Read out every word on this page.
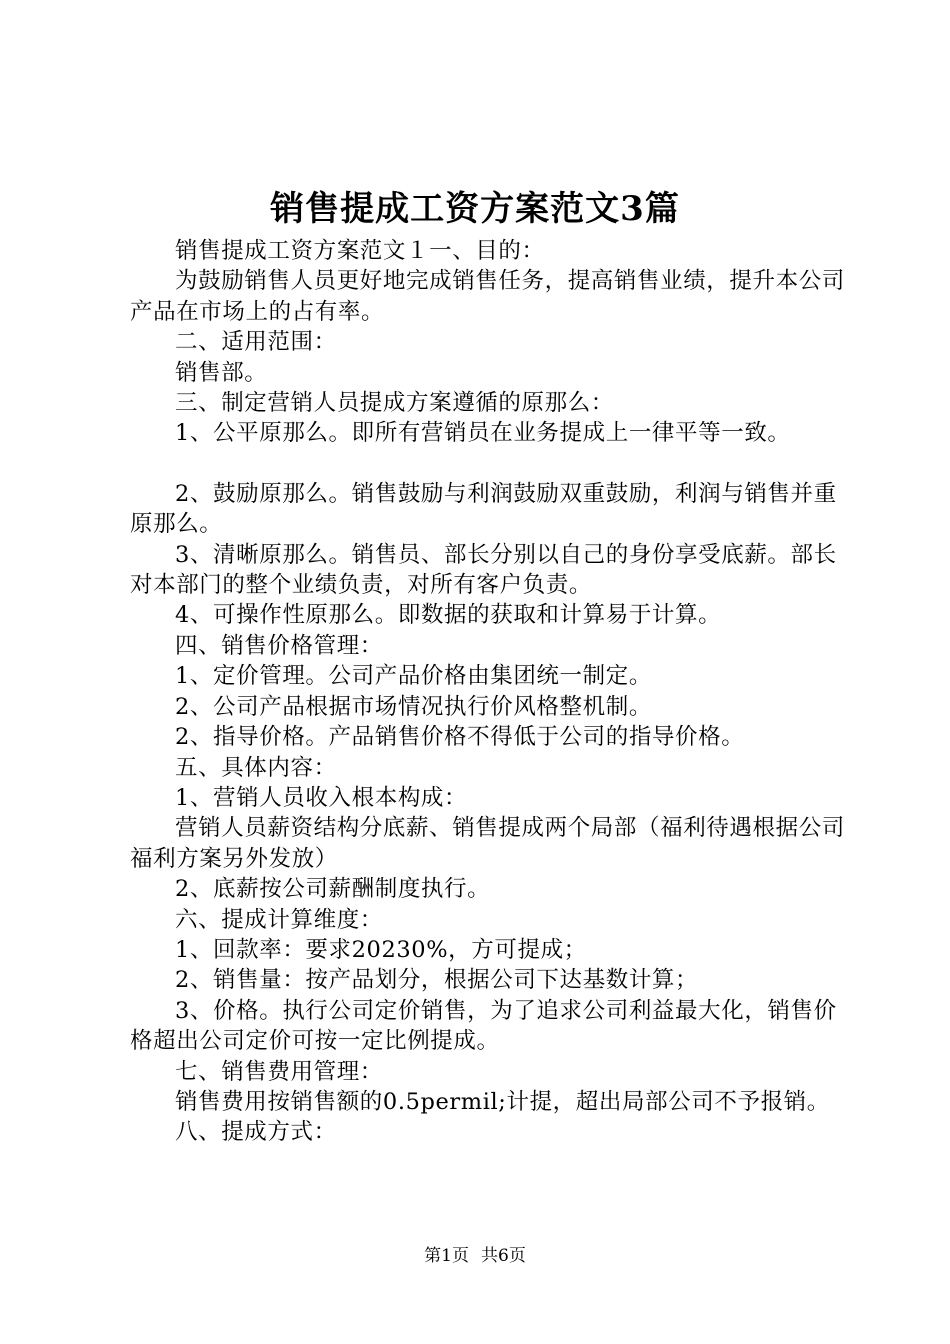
销售提成工资方案范文3篇

销售提成工资方案范文１一、目的：

为鼓励销售人员更好地完成销售任务，提高销售业绩，提升本公司产品在市场上的占有率。

二、适用范围：

销售部。

三、制定营销人员提成方案遵循的原那么：

1、公平原那么。即所有营销员在业务提成上一律平等一致。

2、鼓励原那么。销售鼓励与利润鼓励双重鼓励，利润与销售并重原那么。

3、清晰原那么。销售员、部长分别以自己的身份享受底薪。部长对本部门的整个业绩负责，对所有客户负责。

4、可操作性原那么。即数据的获取和计算易于计算。

四、销售价格管理：

1、定价管理。公司产品价格由集团统一制定。

2、公司产品根据市场情况执行价风格整机制。

2、指导价格。产品销售价格不得低于公司的指导价格。

五、具体内容：

1、营销人员收入根本构成：

营销人员薪资结构分底薪、销售提成两个局部（福利待遇根据公司福利方案另外发放）

2、底薪按公司薪酬制度执行。

六、提成计算维度：

1、回款率：要求20230%，方可提成；

2、销售量：按产品划分，根据公司下达基数计算；

3、价格。执行公司定价销售，为了追求公司利益最大化，销售价格超出公司定价可按一定比例提成。

七、销售费用管理：

销售费用按销售额的0.5permil;计提，超出局部公司不予报销。

八、提成方式：

第1页 共6页
